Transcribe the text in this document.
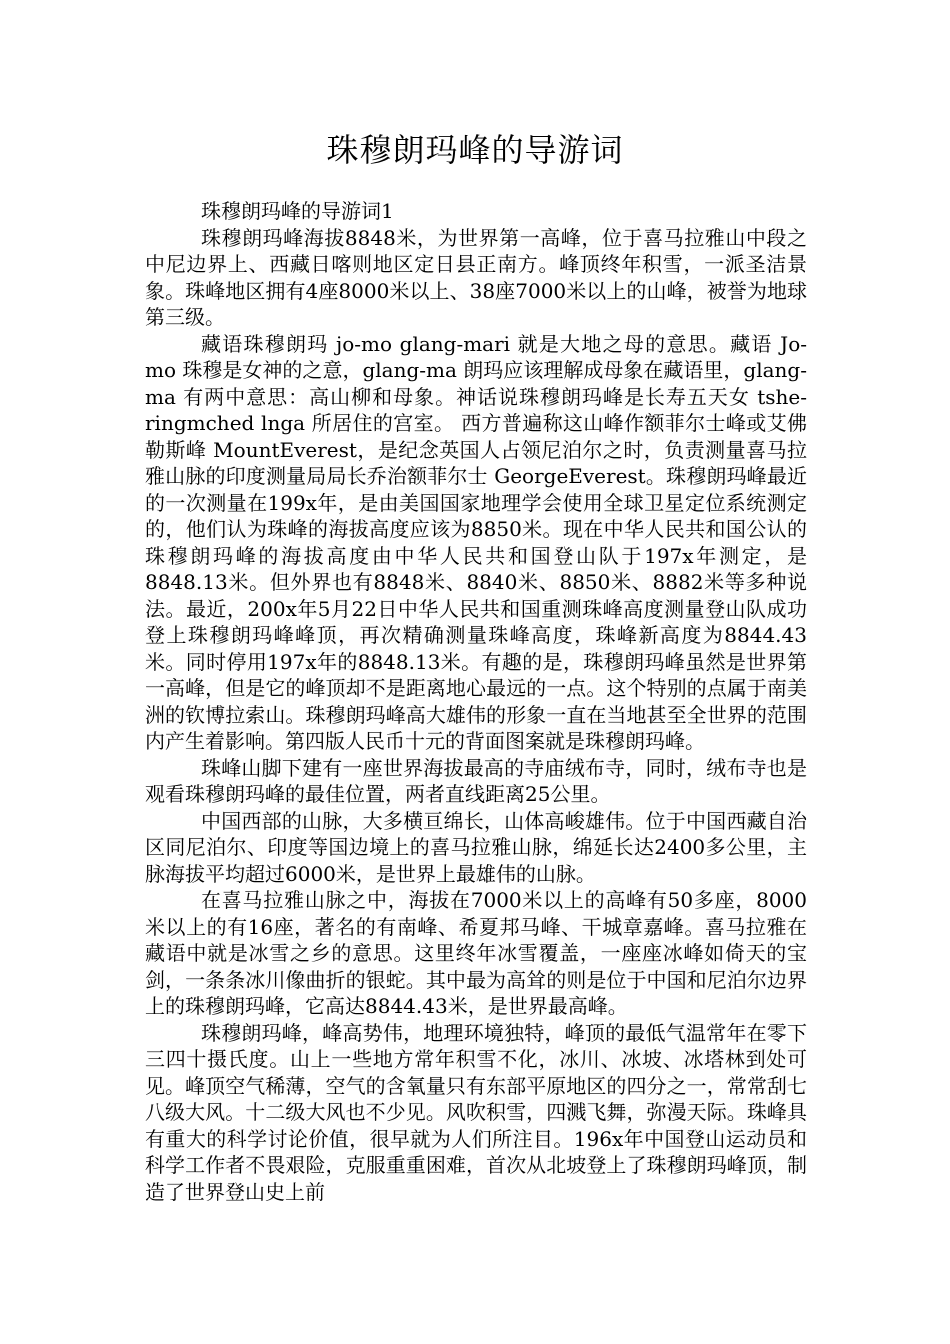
珠穆朗玛峰的导游词

珠穆朗玛峰的导游词1

珠穆朗玛峰海拔8848米，为世界第一高峰，位于喜马拉雅山中段之中尼边界上、西藏日喀则地区定日县正南方。峰顶终年积雪，一派圣洁景象。珠峰地区拥有4座8000米以上、38座7000米以上的山峰，被誉为地球第三级。

藏语珠穆朗玛 jo-mo glang-mari 就是大地之母的意思。藏语 Jo-mo 珠穆是女神的之意，glang-ma 朗玛应该理解成母象在藏语里，glang-ma 有两中意思：高山柳和母象。神话说珠穆朗玛峰是长寿五天女 tshe-ringmched lnga 所居住的宫室。 西方普遍称这山峰作额菲尔士峰或艾佛勒斯峰 MountEverest，是纪念英国人占领尼泊尔之时，负责测量喜马拉雅山脉的印度测量局局长乔治额菲尔士 GeorgeEverest。珠穆朗玛峰最近的一次测量在199x年，是由美国国家地理学会使用全球卫星定位系统测定的，他们认为珠峰的海拔高度应该为8850米。现在中华人民共和国公认的珠穆朗玛峰的海拔高度由中华人民共和国登山队于197x年测定，是8848.13米。但外界也有8848米、8840米、8850米、8882米等多种说法。最近，200x年5月22日中华人民共和国重测珠峰高度测量登山队成功登上珠穆朗玛峰峰顶，再次精确测量珠峰高度，珠峰新高度为8844.43米。同时停用197x年的8848.13米。有趣的是，珠穆朗玛峰虽然是世界第一高峰，但是它的峰顶却不是距离地心最远的一点。这个特别的点属于南美洲的钦博拉索山。珠穆朗玛峰高大雄伟的形象一直在当地甚至全世界的范围内产生着影响。第四版人民币十元的背面图案就是珠穆朗玛峰。

珠峰山脚下建有一座世界海拔最高的寺庙绒布寺，同时，绒布寺也是观看珠穆朗玛峰的最佳位置，两者直线距离25公里。

中国西部的山脉，大多横亘绵长，山体高峻雄伟。位于中国西藏自治区同尼泊尔、印度等国边境上的喜马拉雅山脉，绵延长达2400多公里，主脉海拔平均超过6000米，是世界上最雄伟的山脉。

在喜马拉雅山脉之中，海拔在7000米以上的高峰有50多座，8000米以上的有16座，著名的有南峰、希夏邦马峰、干城章嘉峰。喜马拉雅在藏语中就是冰雪之乡的意思。这里终年冰雪覆盖，一座座冰峰如倚天的宝剑，一条条冰川像曲折的银蛇。其中最为高耸的则是位于中国和尼泊尔边界上的珠穆朗玛峰，它高达8844.43米，是世界最高峰。

珠穆朗玛峰，峰高势伟，地理环境独特，峰顶的最低气温常年在零下三四十摄氏度。山上一些地方常年积雪不化，冰川、冰坡、冰塔林到处可见。峰顶空气稀薄，空气的含氧量只有东部平原地区的四分之一，常常刮七八级大风。十二级大风也不少见。风吹积雪，四溅飞舞，弥漫天际。珠峰具有重大的科学讨论价值，很早就为人们所注目。196x年中国登山运动员和科学工作者不畏艰险，克服重重困难，首次从北坡登上了珠穆朗玛峰顶，制造了世界登山史上前
